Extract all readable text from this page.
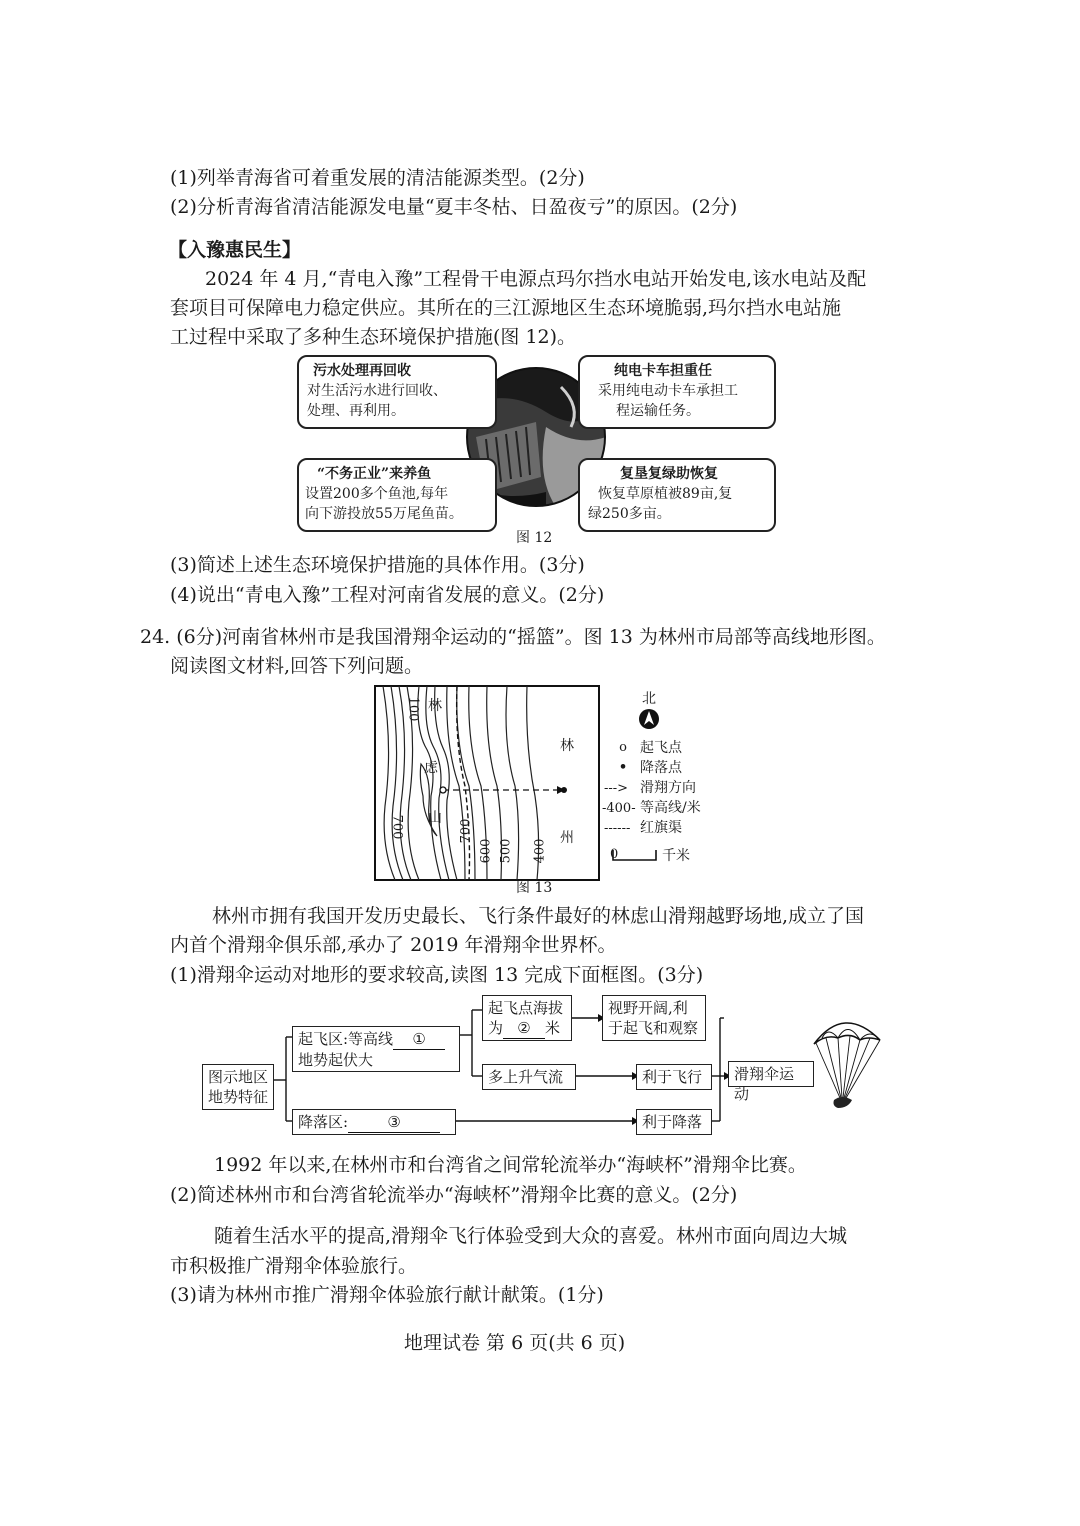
(1)列举青海省可着重发展的清洁能源类型。(2分)
(2)分析青海省清洁能源发电量“夏丰冬枯、日盈夜亏”的原因。(2分)
【入豫惠民生】
2024 年 4 月,“青电入豫”工程骨干电源点玛尔挡水电站开始发电,该水电站及配
套项目可保障电力稳定供应。其所在的三江源地区生态环境脆弱,玛尔挡水电站施
工过程中采取了多种生态环境保护措施(图 12)。
污水处理再回收
对生活污水进行回收、
处理、再利用。
纯电卡车担重任
采用纯电动卡车承担工
程运输任务。
“不务正业”来养鱼
设置200多个鱼池,每年
向下游投放55万尾鱼苗。
复垦复绿助恢复
恢复草原植被89亩,复
绿250多亩。
图 12
(3)简述上述生态环境保护措施的具体作用。(3分)
(4)说出“青电入豫”工程对河南省发展的意义。(2分)
24. (6分)河南省林州市是我国滑翔伞运动的“摇篮”。图 13 为林州市局部等高线地形图。
阅读图文材料,回答下列问题。
100 林
虑
山
700	700
600 500 400
林
州
图 13
北
o 起飞点
• 降落点
---> 滑翔方向
-400- 等高线/米
------ 红旗渠
0	千米
林州市拥有我国开发历史最长、飞行条件最好的林虑山滑翔越野场地,成立了国
内首个滑翔伞俱乐部,承办了 2019 年滑翔伞世界杯。
(1)滑翔伞运动对地形的要求较高,读图 13 完成下面框图。(3分)
图示地区
地势特征
起飞区:等高线 ①
地势起伏大
起飞点海拔
为 ② 米
视野开阔,利
于起飞和观察
多上升气流	利于飞行	滑翔伞运动
降落区:	③	利于降落
1992 年以来,在林州市和台湾省之间常轮流举办“海峡杯”滑翔伞比赛。
(2)简述林州市和台湾省轮流举办“海峡杯”滑翔伞比赛的意义。(2分)
随着生活水平的提高,滑翔伞飞行体验受到大众的喜爱。林州市面向周边大城
市积极推广滑翔伞体验旅行。
(3)请为林州市推广滑翔伞体验旅行献计献策。(1分)
地理试卷 第 6 页(共 6 页)
